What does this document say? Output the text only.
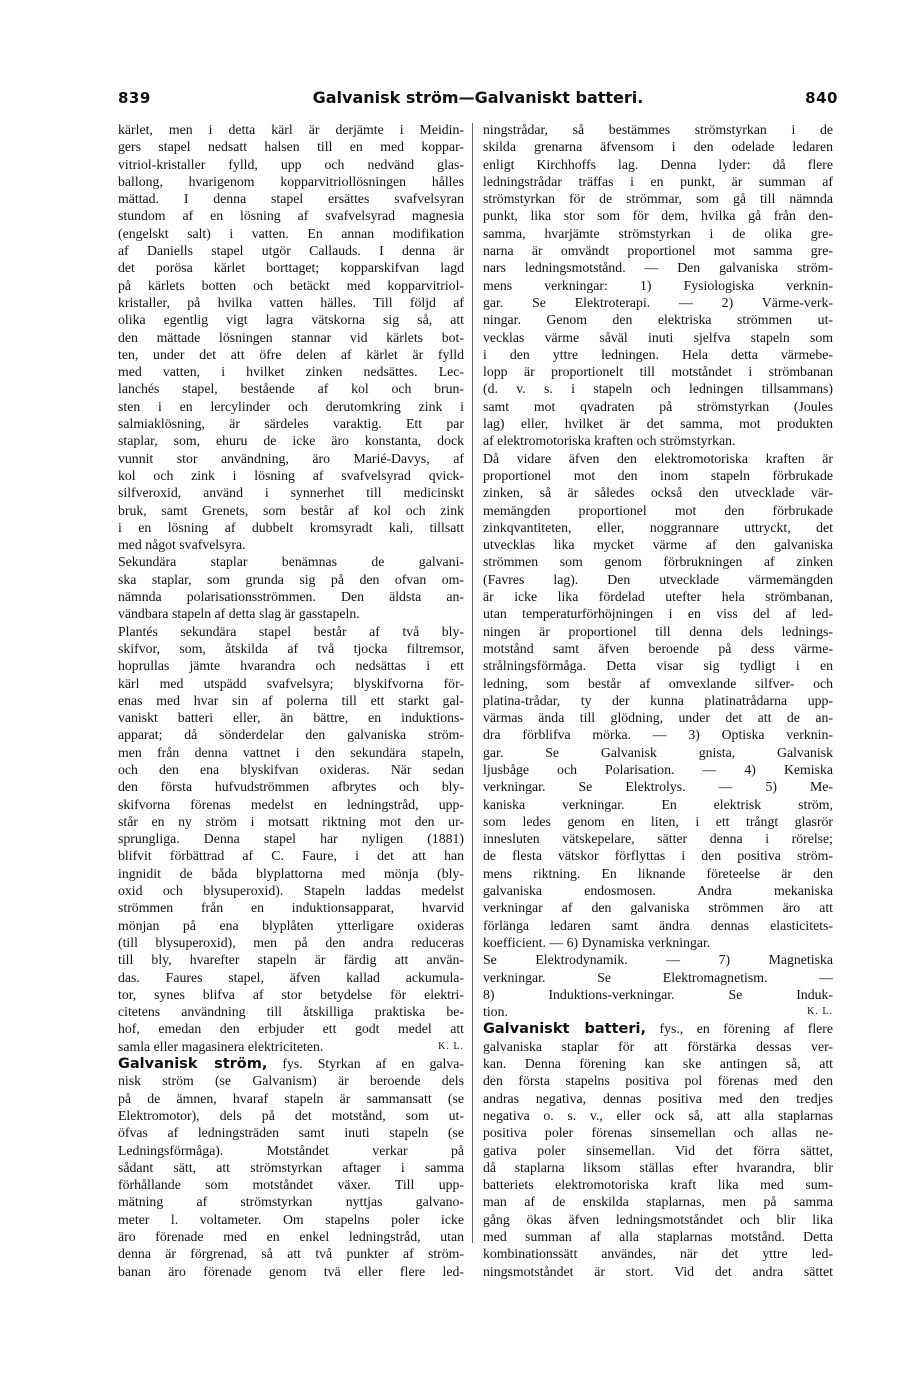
839	Galvanisk ström—Galvaniskt batteri.	840
kärlet, men i detta kärl är derjämte i Meidin-
gers stapel nedsatt halsen till en med koppar-
vitriol-kristaller fylld, upp och nedvänd glas-
ballong, hvarigenom kopparvitriollösningen hålles
mättad. I denna stapel ersättes svafvelsyran
stundom af en lösning af svafvelsyrad magnesia
(engelskt salt) i vatten. En annan modifikation
af Daniells stapel utgör Callauds. I denna är
det porösa kärlet borttaget; kopparskifvan lagd
på kärlets botten och betäckt med kopparvitriol-
kristaller, på hvilka vatten hälles. Till följd af
olika egentlig vigt lagra vätskorna sig så, att
den mättade lösningen stannar vid kärlets bot-
ten, under det att öfre delen af kärlet är fylld
med vatten, i hvilket zinken nedsättes. Lec-
lanchés stapel, bestående af kol och brun-
sten i en lercylinder och derutomkring zink i
salmiaklösning, är särdeles varaktig. Ett par
staplar, som, ehuru de icke äro konstanta, dock
vunnit stor användning, äro Marié-Davys, af
kol och zink i lösning af svafvelsyrad qvick-
silfveroxid, använd i synnerhet till medicinskt
bruk, samt Grenets, som består af kol och zink
i en lösning af dubbelt kromsyradt kali, tillsatt
med något svafvelsyra.
Sekundära staplar benämnas de galvani-
ska staplar, som grunda sig på den ofvan om-
nämnda polarisationsströmmen. Den äldsta an-
vändbara stapeln af detta slag är gasstapeln.
Plantés sekundära stapel består af två bly-
skifvor, som, åtskilda af två tjocka filtremsor,
hoprullas jämte hvarandra och nedsättas i ett
kärl med utspädd svafvelsyra; blyskifvorna för-
enas med hvar sin af polerna till ett starkt gal-
vaniskt batteri eller, än bättre, en induktions-
apparat; då sönderdelar den galvaniska ström-
men från denna vattnet i den sekundära stapeln,
och den ena blyskifvan oxideras. När sedan
den första hufvudströmmen afbrytes och bly-
skifvorna förenas medelst en ledningstråd, upp-
står en ny ström i motsatt riktning mot den ur-
sprungliga. Denna stapel har nyligen (1881)
blifvit förbättrad af C. Faure, i det att han
ingnidit de båda blyplattorna med mönja (bly-
oxid och blysuperoxid). Stapeln laddas medelst
strömmen från en induktionsapparat, hvarvid
mönjan på ena blyplåten ytterligare oxideras
(till blysuperoxid), men på den andra reduceras
till bly, hvarefter stapeln är färdig att använ-
das. Faures stapel, äfven kallad ackumula-
tor, synes blifva af stor betydelse för elektri-
citetens användning till åtskilliga praktiska be-
hof, emedan den erbjuder ett godt medel att
samla eller magasinera elektriciteten.	K. L.
Galvanisk ström, fys. Styrkan af en galva-
nisk ström (se Galvanism) är beroende dels
på de ämnen, hvaraf stapeln är sammansatt (se
Elektromotor), dels på det motstånd, som ut-
öfvas af ledningsträden samt inuti stapeln (se
Ledningsförmåga). Motståndet verkar på
sådant sätt, att strömstyrkan aftager i samma
förhållande som motståndet växer. Till upp-
mätning af strömstyrkan nyttjas galvano-
meter l. voltameter. Om stapelns poler icke
äro förenade med en enkel ledningstråd, utan
denna är förgrenad, så att två punkter af ström-
banan äro förenade genom tvä eller flere led-
ningstrådar, så bestämmes strömstyrkan i de
skilda grenarna äfvensom i den odelade ledaren
enligt Kirchhoffs lag. Denna lyder: då flere
ledningstrådar träffas i en punkt, är summan af
strömstyrkan för de strömmar, som gå till nämnda
punkt, lika stor som för dem, hvilka gå från den-
samma, hvarjämte strömstyrkan i de olika gre-
narna är omvändt proportionel mot samma gre-
nars ledningsmotstånd. — Den galvaniska ström-
mens verkningar: 1) Fysiologiska verknin-
gar. Se Elektroterapi. — 2) Värme-verk-
ningar. Genom den elektriska strömmen ut-
vecklas värme såväl inuti sjelfva stapeln som
i den yttre ledningen. Hela detta värmebe-
lopp är proportionelt till motståndet i strömbanan
(d. v. s. i stapeln och ledningen tillsammans)
samt mot qvadraten på strömstyrkan (Joules
lag) eller, hvilket är det samma, mot produkten
af elektromotoriska kraften och strömstyrkan.
Då vidare äfven den elektromotoriska kraften är
proportionel mot den inom stapeln förbrukade
zinken, så är således också den utvecklade vär-
memängden proportionel mot den förbrukade
zinkqvantiteten, eller, noggrannare uttryckt, det
utvecklas lika mycket värme af den galvaniska
strömmen som genom förbrukningen af zinken
(Favres lag). Den utvecklade värmemängden
är icke lika fördelad utefter hela strömbanan,
utan temperaturförhöjningen i en viss del af led-
ningen är proportionel till denna dels lednings-
motstånd samt äfven beroende på dess värme-
strålningsförmåga. Detta visar sig tydligt i en
ledning, som består af omvexlande silfver- och
platina-trådar, ty der kunna platinatrådarna upp-
värmas ända till glödning, under det att de an-
dra förblifva mörka. — 3) Optiska verknin-
gar. Se Galvanisk gnista, Galvanisk
ljusbåge och Polarisation. — 4) Kemiska
verkningar. Se Elektrolys. — 5) Me-
kaniska verkningar. En elektrisk ström,
som ledes genom en liten, i ett trångt glasrör
innesluten vätskepelare, sätter denna i rörelse;
de flesta vätskor förflyttas i den positiva ström-
mens riktning. En liknande företeelse är den
galvaniska endosmosen. Andra mekaniska
verkningar af den galvaniska strömmen äro att
förlänga ledaren samt ändra dennas elasticitets-
koefficient. — 6) Dynamiska verkningar.
Se Elektrodynamik. — 7) Magnetiska
verkningar. Se Elektromagnetism. —
8) Induktions-verkningar. Se Induk-
tion.	K. L.
Galvaniskt batteri, fys., en förening af flere
galvaniska staplar för att förstärka dessas ver-
kan. Denna förening kan ske antingen så, att
den första stapelns positiva pol förenas med den
andras negativa, dennas positiva med den tredjes
negativa o. s. v., eller ock så, att alla staplarnas
positiva poler förenas sinsemellan och allas ne-
gativa poler sinsemellan. Vid det förra sättet,
då staplarna liksom ställas efter hvarandra, blir
batteriets elektromotoriska kraft lika med sum-
man af de enskilda staplarnas, men på samma
gång ökas äfven ledningsmotståndet och blir lika
med summan af alla staplarnas motstånd. Detta
kombinationssätt användes, när det yttre led-
ningsmotståndet är stort. Vid det andra sättet
